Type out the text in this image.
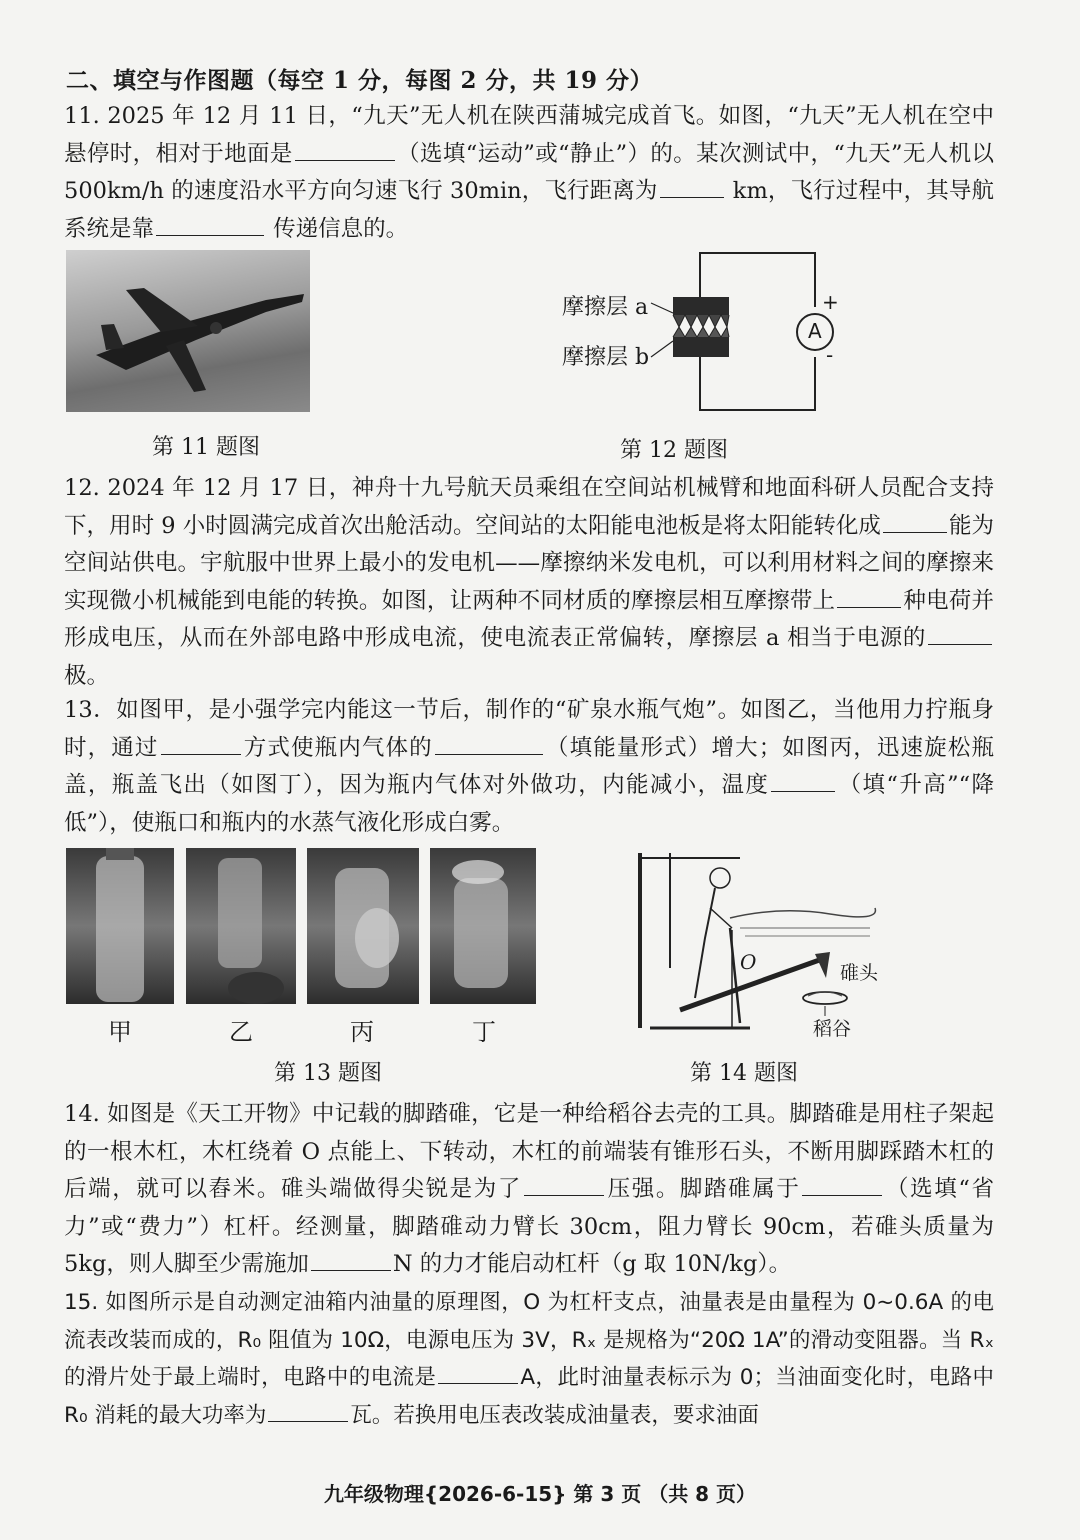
二、填空与作图题（每空 1 分，每图 2 分，共 19 分）
11. 2025 年 12 月 11 日，“九天”无人机在陕西蒲城完成首飞。如图，“九天”无人机在空中悬停时，相对于地面是	（选填“运动”或“静止”）的。某次测试中，“九天”无人机以 500km/h 的速度沿水平方向匀速飞行 30min，飞行距离为	km，飞行过程中，其导航系统是靠	传递信息的。
第 11 题图
摩擦层 a
摩擦层 b
A
+
-
第 12 题图
12. 2024 年 12 月 17 日，神舟十九号航天员乘组在空间站机械臂和地面科研人员配合支持下，用时 9 小时圆满完成首次出舱活动。空间站的太阳能电池板是将太阳能转化成	能为空间站供电。宇航服中世界上最小的发电机——摩擦纳米发电机，可以利用材料之间的摩擦来实现微小机械能到电能的转换。如图，让两种不同材质的摩擦层相互摩擦带上	种电荷并形成电压，从而在外部电路中形成电流，使电流表正常偏转，摩擦层 a 相当于电源的极。
13．如图甲，是小强学完内能这一节后，制作的“矿泉水瓶气炮”。如图乙，当他用力拧瓶身时，通过	方式使瓶内气体的	（填能量形式）增大；如图丙，迅速旋松瓶盖，瓶盖飞出（如图丁），因为瓶内气体对外做功，内能减小，温度	（填“升高”“降低”），使瓶口和瓶内的水蒸气液化形成白雾。
甲	乙	丙	丁
第 13 题图
O	碓头
稻谷
第 14 题图
14. 如图是《天工开物》中记载的脚踏碓，它是一种给稻谷去壳的工具。脚踏碓是用柱子架起的一根木杠，木杠绕着 O 点能上、下转动，木杠的前端装有锥形石头，不断用脚踩踏木杠的后端，就可以舂米。碓头端做得尖锐是为了	压强。脚踏碓属于	（选填“省力”或“费力”）杠杆。经测量，脚踏碓动力臂长 30cm，阻力臂长 90cm，若碓头质量为 5kg，则人脚至少需施加	N 的力才能启动杠杆（g 取 10N/kg）。
15. 如图所示是自动测定油箱内油量的原理图，O 为杠杆支点，油量表是由量程为 0~0.6A 的电流表改装而成的，R₀ 阻值为 10Ω，电源电压为 3V，Rₓ 是规格为“20Ω 1A”的滑动变阻器。当 Rₓ 的滑片处于最上端时，电路中的电流是	A，此时油量表标示为 0；当油面变化时，电路中 R₀ 消耗的最大功率为	瓦。若换用电压表改装成油量表，要求油面
九年级物理{2026-6-15} 第 3 页 （共 8 页）
